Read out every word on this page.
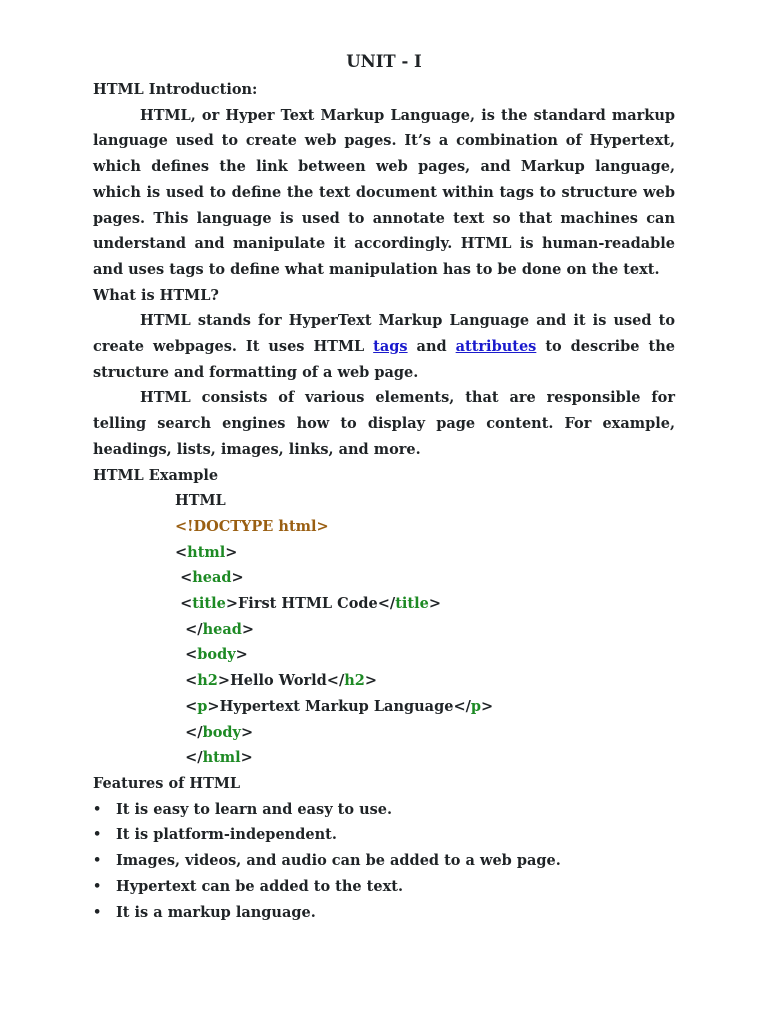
UNIT - I

HTML Introduction:

HTML, or Hyper Text Markup Language, is the standard markup language used to create web pages. It’s a combination of Hypertext, which defines the link between web pages, and Markup language, which is used to define the text document within tags to structure web pages. This language is used to annotate text so that machines can understand and manipulate it accordingly. HTML is human-readable and uses tags to define what manipulation has to be done on the text.

What is HTML?

HTML stands for HyperText Markup Language and it is used to create webpages. It uses HTML tags and attributes to describe the structure and formatting of a web page.

HTML consists of various elements, that are responsible for telling search engines how to display page content. For example, headings, lists, images, links, and more.

HTML Example

HTML
<!DOCTYPE html>
<html>
<head>
<title>First HTML Code</title>
</head>
<body>
<h2>Hello World</h2>
<p>Hypertext Markup Language</p>
</body>
</html>

Features of HTML

• It is easy to learn and easy to use.
• It is platform-independent.
• Images, videos, and audio can be added to a web page.
• Hypertext can be added to the text.
• It is a markup language.
